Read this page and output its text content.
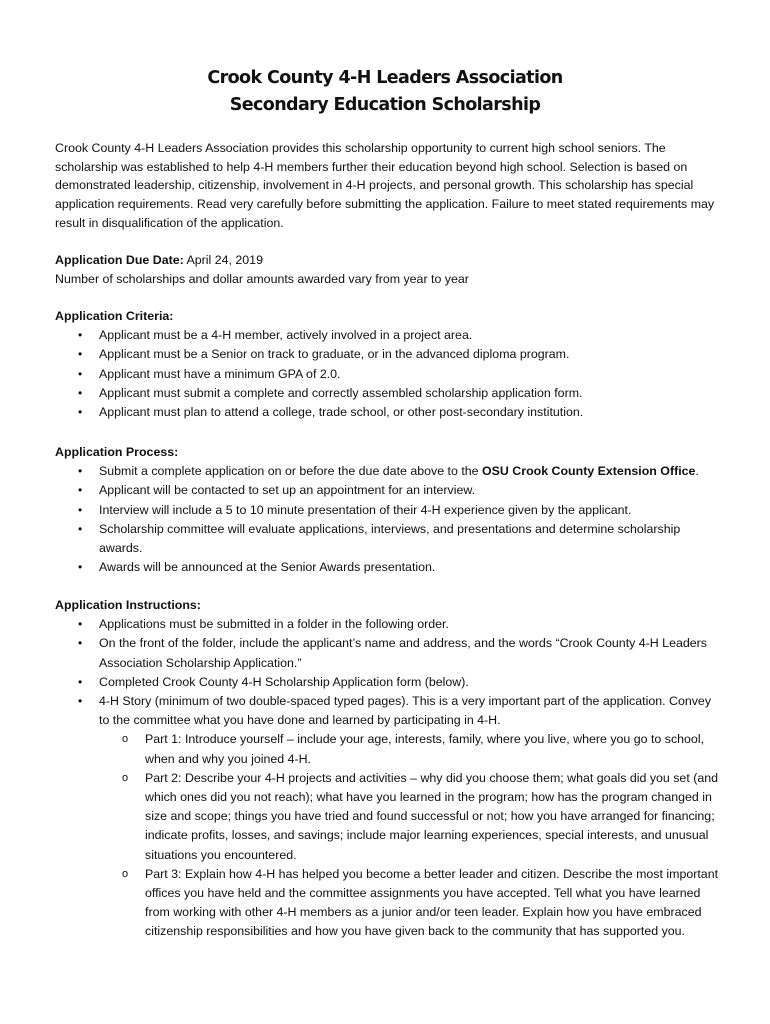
Crook County 4-H Leaders Association
Secondary Education Scholarship
Crook County 4-H Leaders Association provides this scholarship opportunity to current high school seniors. The scholarship was established to help 4-H members further their education beyond high school. Selection is based on demonstrated leadership, citizenship, involvement in 4-H projects, and personal growth. This scholarship has special application requirements. Read very carefully before submitting the application. Failure to meet stated requirements may result in disqualification of the application.
Application Due Date: April 24, 2019
Number of scholarships and dollar amounts awarded vary from year to year

Application Criteria:

• Applicant must be a 4-H member, actively involved in a project area.
• Applicant must be a Senior on track to graduate, or in the advanced diploma program.
• Applicant must have a minimum GPA of 2.0.
• Applicant must submit a complete and correctly assembled scholarship application form.
• Applicant must plan to attend a college, trade school, or other post-secondary institution.

Application Process:

• Submit a complete application on or before the due date above to the OSU Crook County Extension Office.
• Applicant will be contacted to set up an appointment for an interview.
• Interview will include a 5 to 10 minute presentation of their 4-H experience given by the applicant.
• Scholarship committee will evaluate applications, interviews, and presentations and determine scholarship awards.
• Awards will be announced at the Senior Awards presentation.

Application Instructions:

• Applications must be submitted in a folder in the following order.
• On the front of the folder, include the applicant’s name and address, and the words “Crook County 4-H Leaders Association Scholarship Application.”
• Completed Crook County 4-H Scholarship Application form (below).
• 4-H Story (minimum of two double-spaced typed pages). This is a very important part of the application. Convey to the committee what you have done and learned by participating in 4-H.
o Part 1: Introduce yourself – include your age, interests, family, where you live, where you go to school, when and why you joined 4-H.
o Part 2: Describe your 4-H projects and activities – why did you choose them; what goals did you set (and which ones did you not reach); what have you learned in the program; how has the program changed in size and scope; things you have tried and found successful or not; how you have arranged for financing; indicate profits, losses, and savings; include major learning experiences, special interests, and unusual situations you encountered.
o Part 3: Explain how 4-H has helped you become a better leader and citizen. Describe the most important offices you have held and the committee assignments you have accepted. Tell what you have learned from working with other 4-H members as a junior and/or teen leader. Explain how you have embraced citizenship responsibilities and how you have given back to the community that has supported you.
